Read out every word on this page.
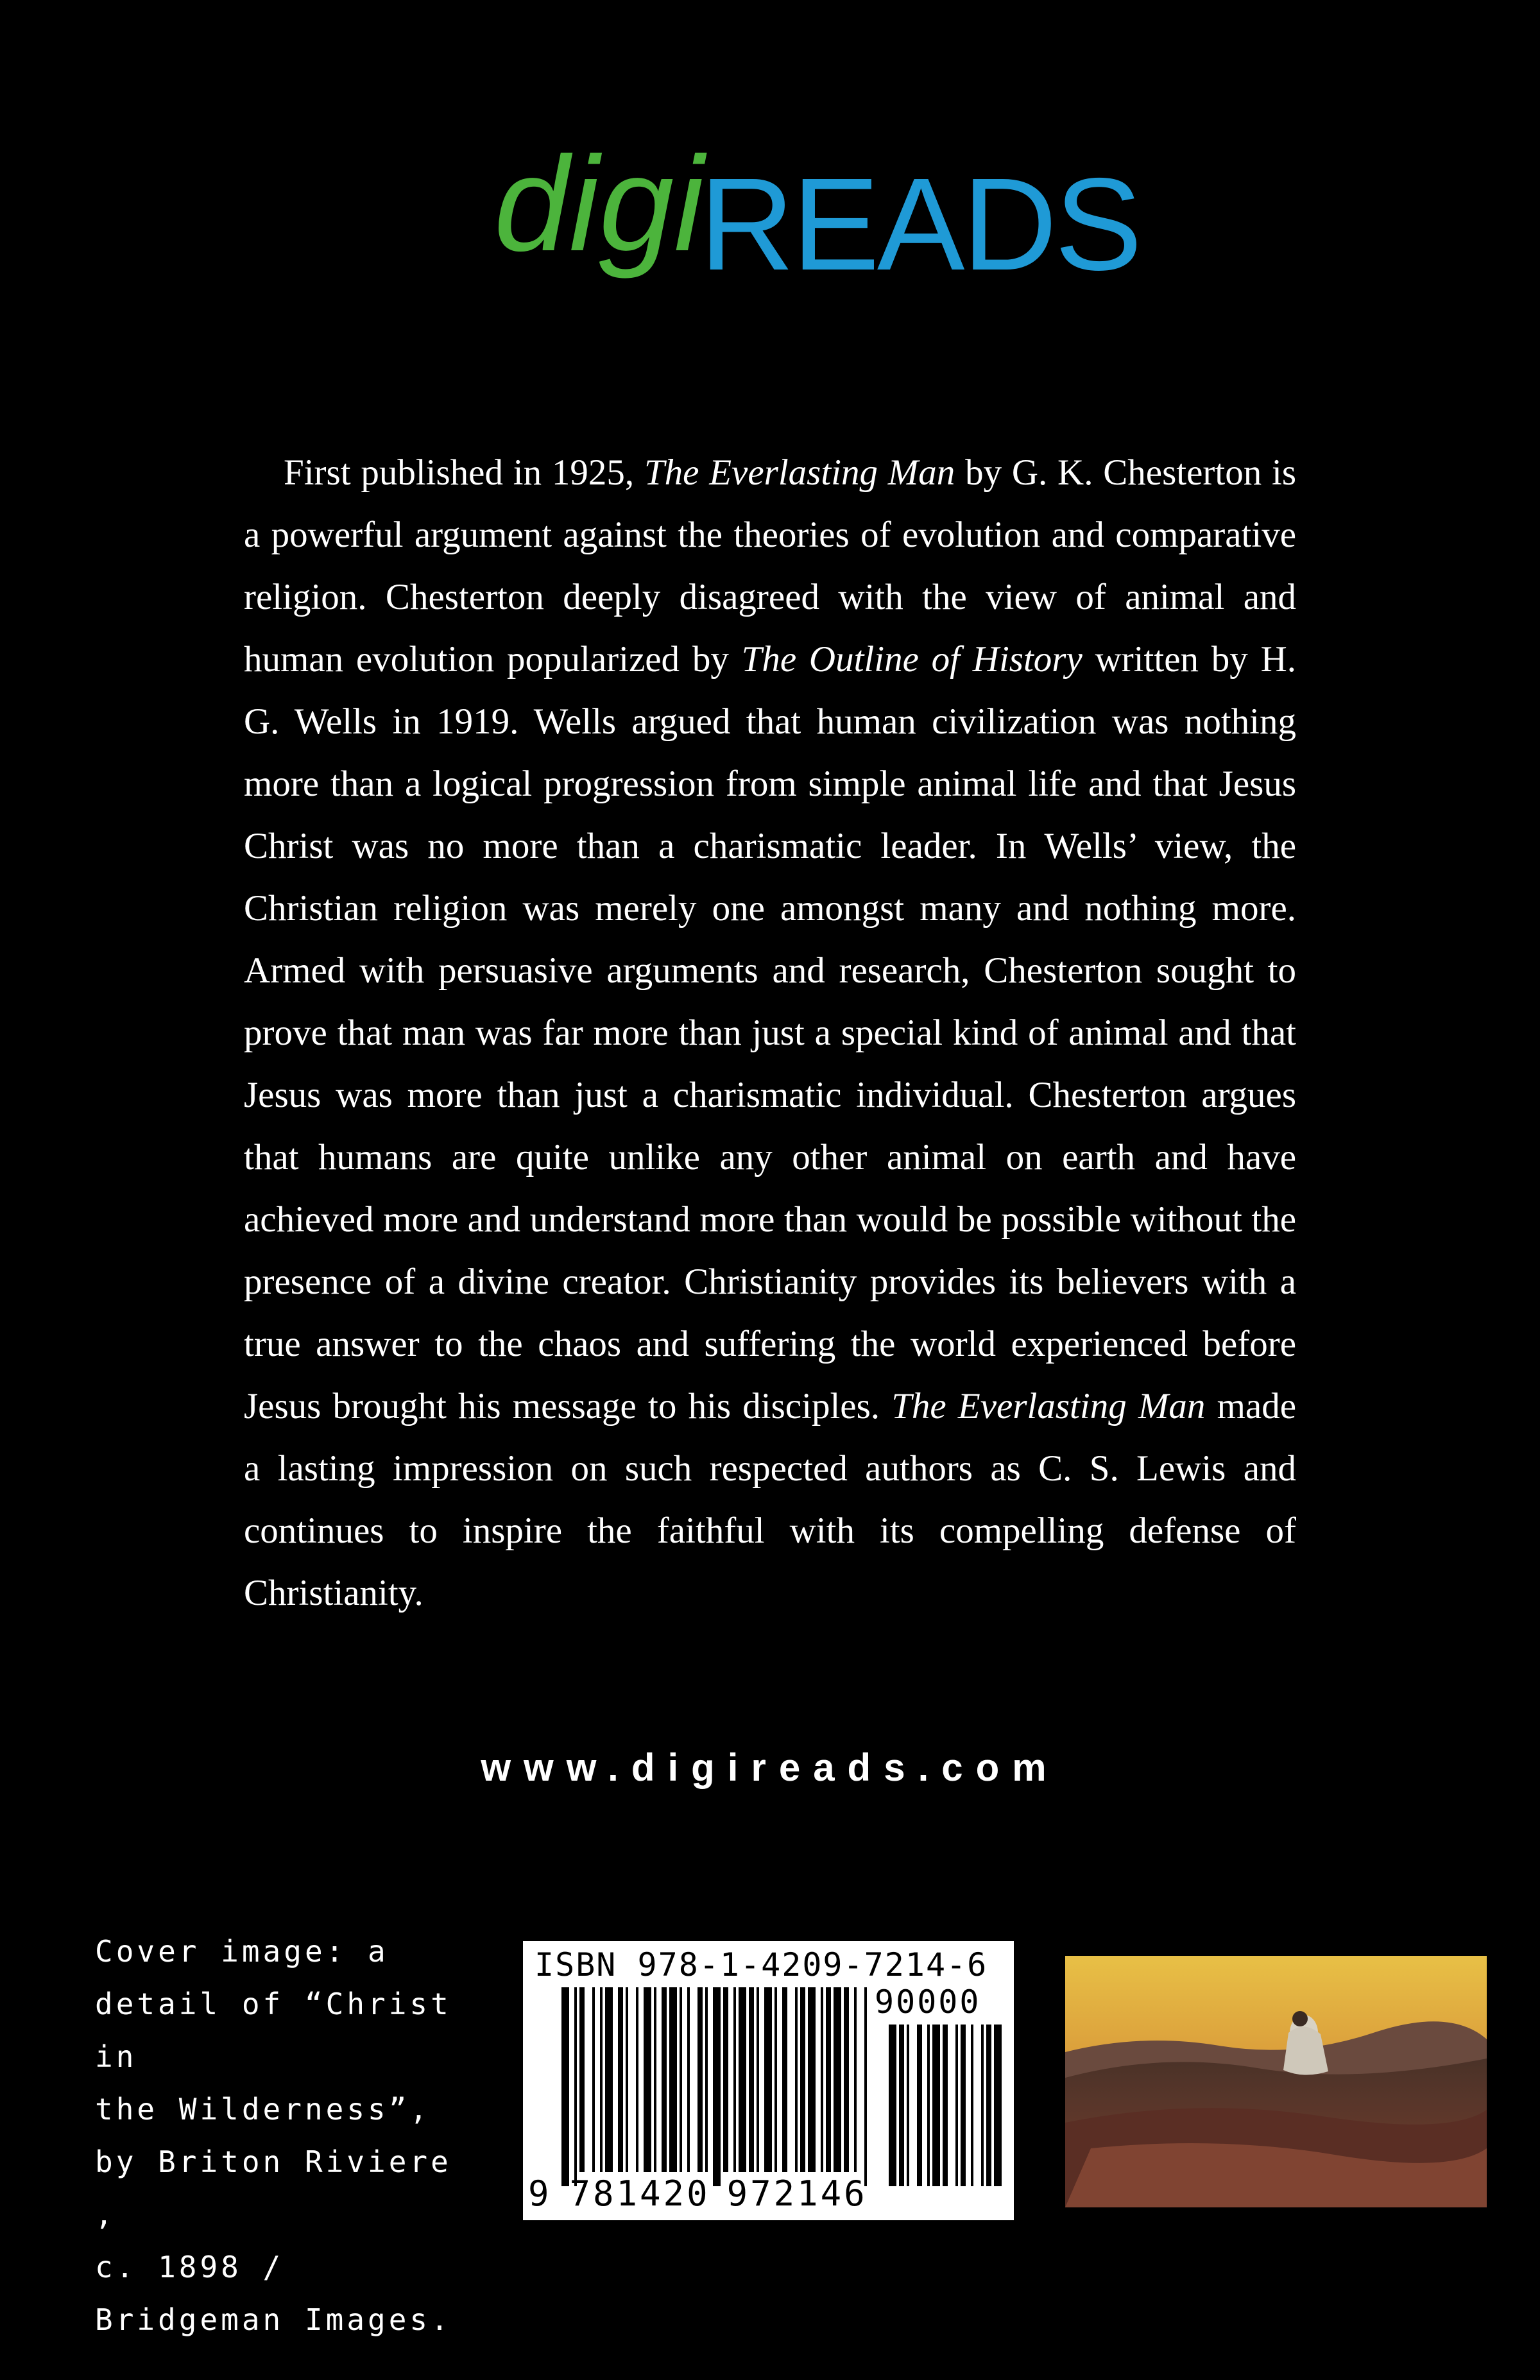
digi
READS

First published in 1925, The Everlasting Man by G. K. Chesterton is a powerful argument against the theories of evolution and comparative religion. Chesterton deeply disagreed with the view of animal and human evolution popularized by The Outline of History written by H. G. Wells in 1919. Wells argued that human civilization was nothing more than a logical progression from simple animal life and that Jesus Christ was no more than a charismatic leader. In Wells’ view, the Christian religion was merely one amongst many and nothing more. Armed with persuasive arguments and research, Chesterton sought to prove that man was far more than just a special kind of animal and that Jesus was more than just a charismatic individual. Chesterton argues that humans are quite unlike any other animal on earth and have achieved more and understand more than would be possible without the presence of a divine creator. Christianity provides its believers with a true answer to the chaos and suffering the world experienced before Jesus brought his message to his disciples. The Everlasting Man made a lasting impression on such respected authors as C. S. Lewis and continues to inspire the faithful with its compelling defense of Christianity.

www.digireads.com
Cover image: a
detail of “Christ in
the Wilderness”,
by Briton Riviere ,
c. 1898 /
Bridgeman Images.
ISBN 978-1-4209-7214-6
90000
9 781420 972146
